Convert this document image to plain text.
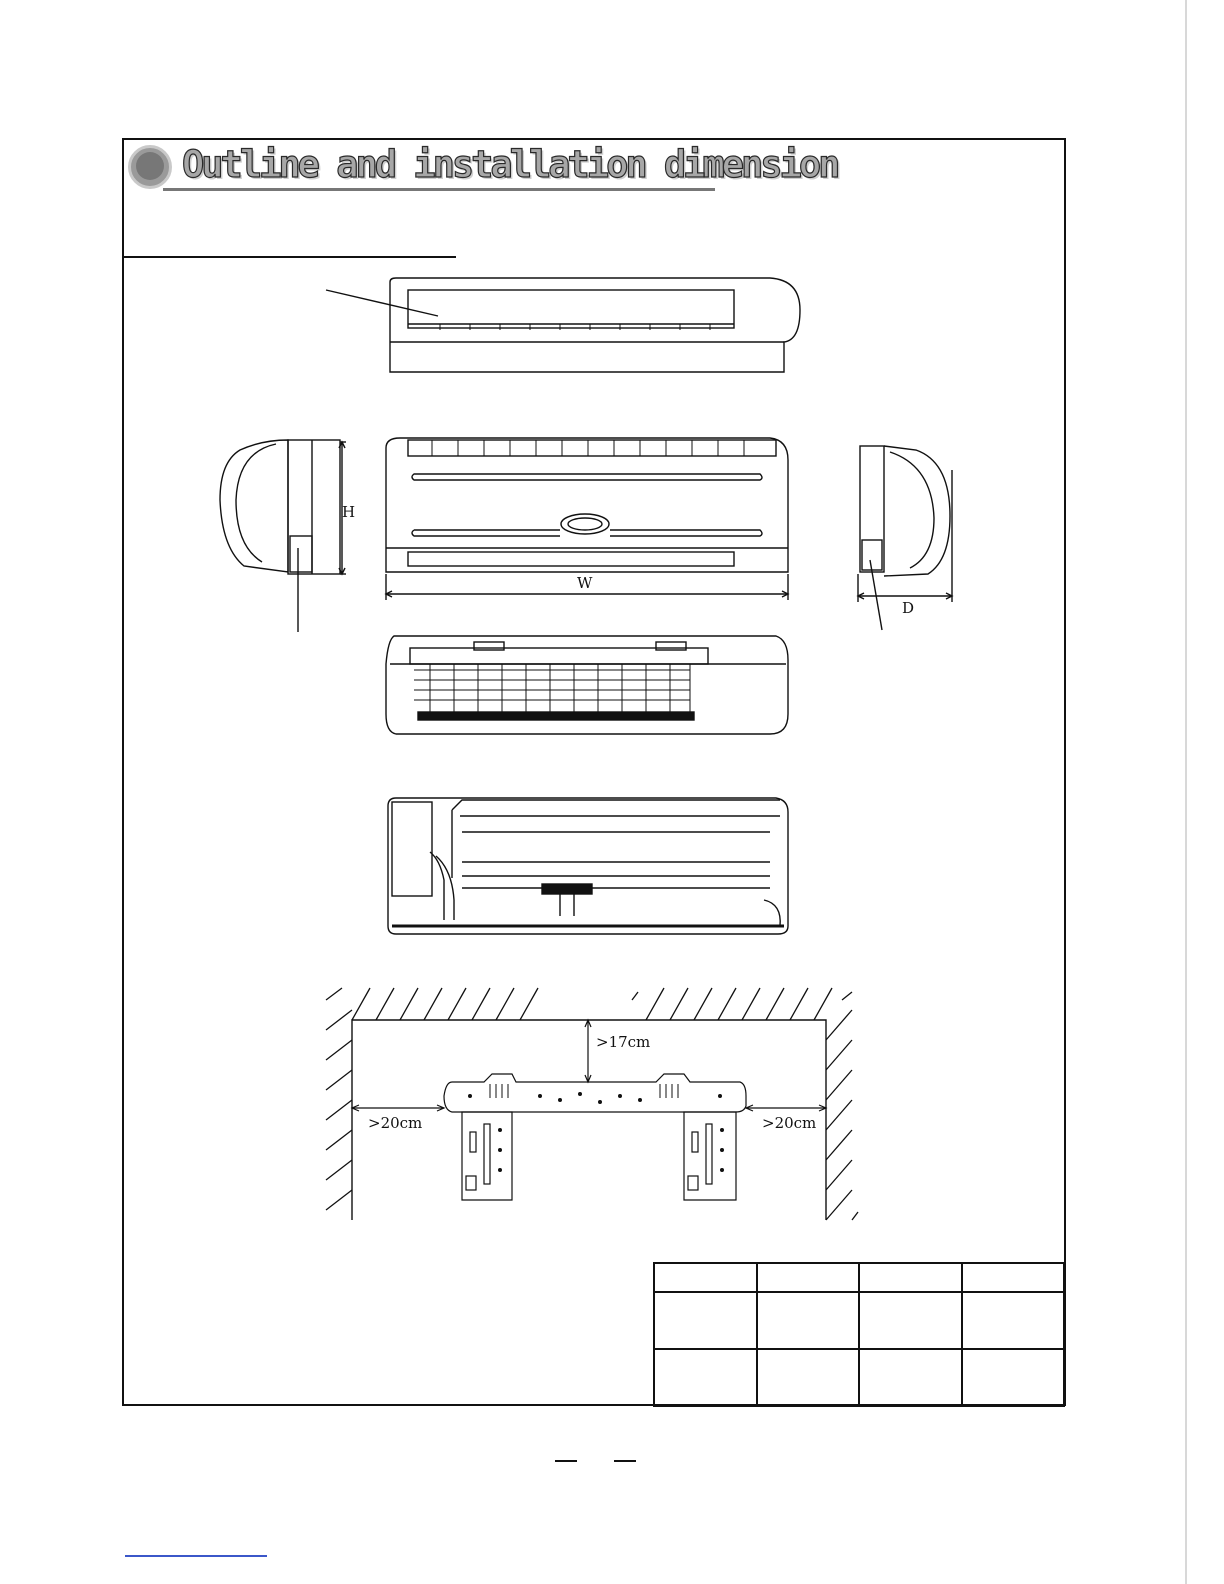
Outline and installation dimension
H
W
D
>17cm
>20cm	>20cm
